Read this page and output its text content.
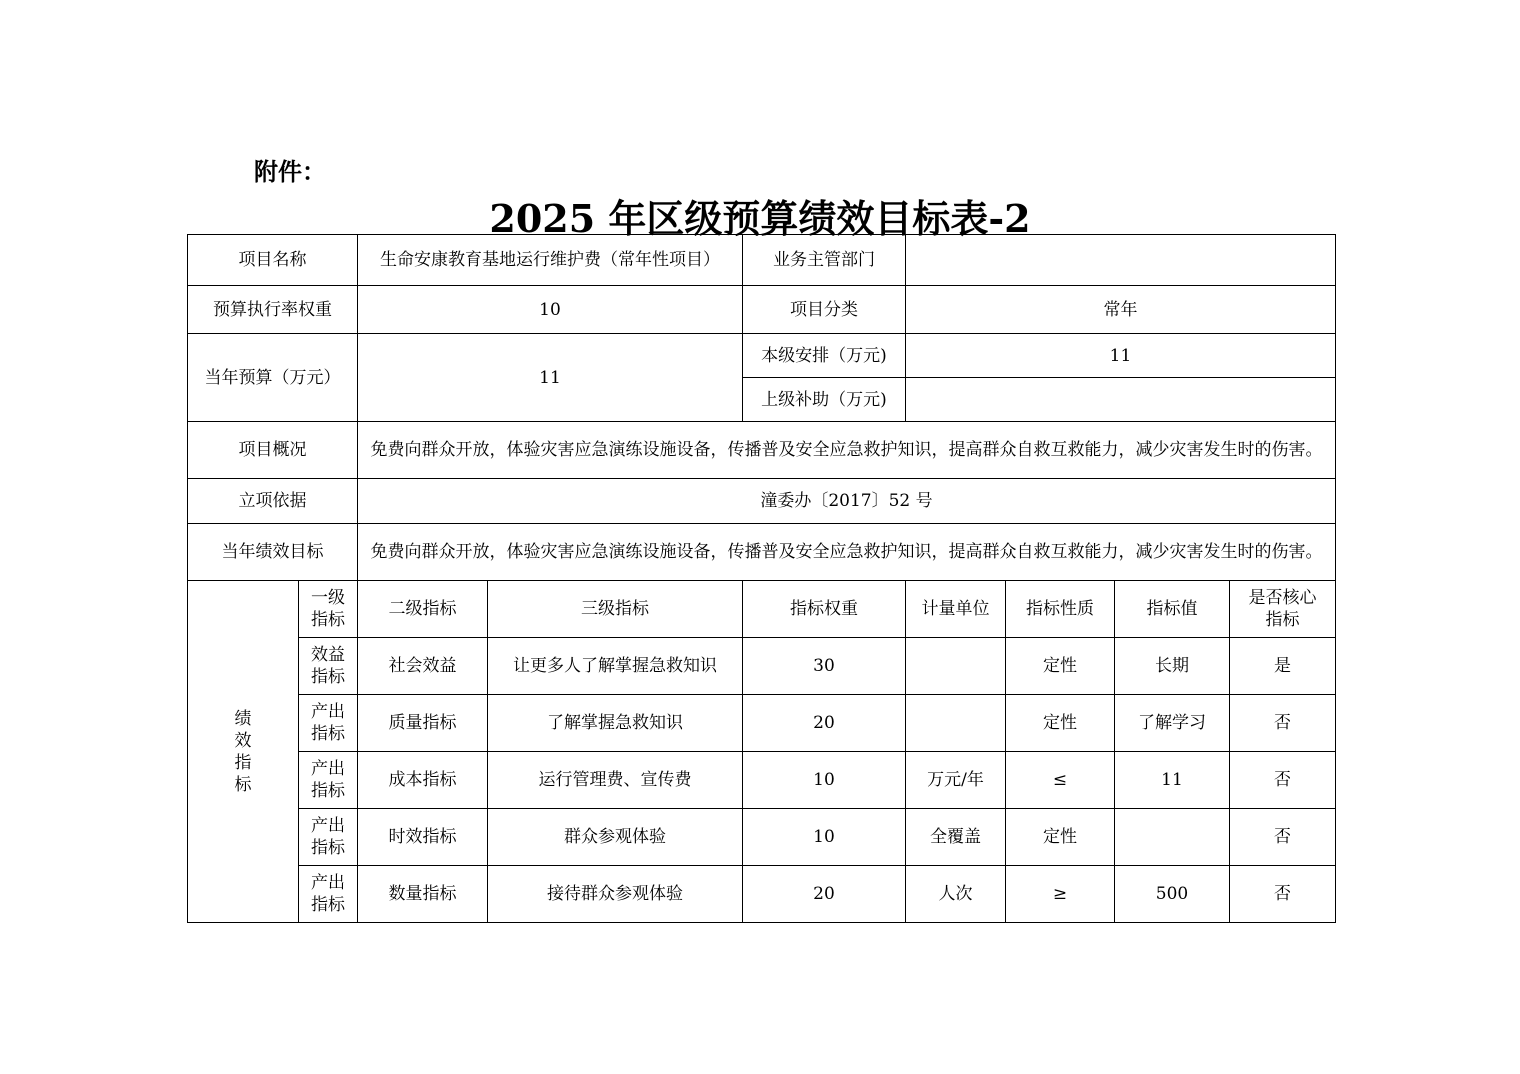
附件：
2025 年区级预算绩效目标表-2
项目名称		生命安康教育基地运行维护费（常年性项目）		业务主管部门				
预算执行率权重		10		项目分类	常年			
当年预算（万元）		11		本级安排（万元)	11			
				上级补助（万元)				
项目概况		免费向群众开放，体验灾害应急演练设施设备，传播普及安全应急救护知识，提高群众自救互救能力，减少灾害发生时的伤害。						
立项依据		潼委办〔2017〕52 号						
当年绩效目标		免费向群众开放，体验灾害应急演练设施设备，传播普及安全应急救护知识，提高群众自救互救能力，减少灾害发生时的伤害。						
绩效指标	一级指标	二级指标	三级指标	指标权重	计量单位	指标性质	指标值	是否核心指标
	效益指标	社会效益	让更多人了解掌握急救知识	30		定性	长期	是
	产出指标	质量指标	了解掌握急救知识	20		定性	了解学习	否
	产出指标	成本指标	运行管理费、宣传费	10	万元/年	≤	11	否
	产出指标	时效指标	群众参观体验	10	全覆盖	定性		否
	产出指标	数量指标	接待群众参观体验	20	人次	≥	500	否
